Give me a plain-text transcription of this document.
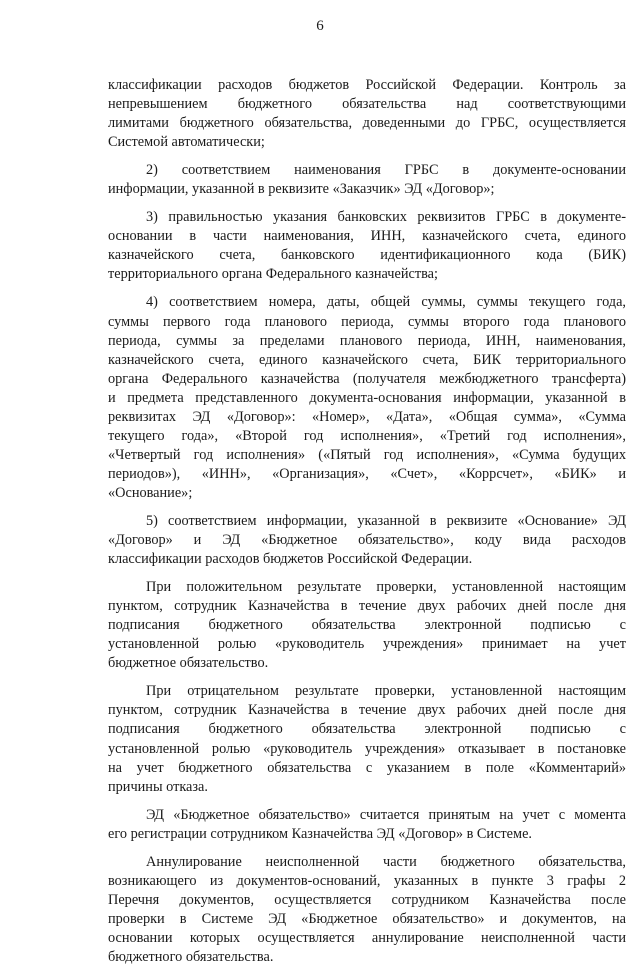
6
классификации расходов бюджетов Российской Федерации. Контроль за
непревышением бюджетного обязательства над соответствующими
лимитами бюджетного обязательства, доведенными до ГРБС, осуществляется
Системой автоматически;
2) соответствием наименования ГРБС в документе-основании
информации, указанной в реквизите «Заказчик» ЭД «Договор»;
3) правильностью указания банковских реквизитов ГРБС в документе-
основании в части наименования, ИНН, казначейского счета, единого
казначейского счета, банковского идентификационного кода (БИК)
территориального органа Федерального казначейства;
4) соответствием номера, даты, общей суммы, суммы текущего года,
суммы первого года планового периода, суммы второго года планового
периода, суммы за пределами планового периода, ИНН, наименования,
казначейского счета, единого казначейского счета, БИК территориального
органа Федерального казначейства (получателя межбюджетного трансферта)
и предмета представленного документа-основания информации, указанной в
реквизитах ЭД «Договор»: «Номер», «Дата», «Общая сумма», «Сумма
текущего года», «Второй год исполнения», «Третий год исполнения»,
«Четвертый год исполнения» («Пятый год исполнения», «Сумма будущих
периодов»), «ИНН», «Организация», «Счет», «Коррсчет», «БИК» и
«Основание»;
5) соответствием информации, указанной в реквизите «Основание» ЭД
«Договор» и ЭД «Бюджетное обязательство», коду вида расходов
классификации расходов бюджетов Российской Федерации.
При положительном результате проверки, установленной настоящим
пунктом, сотрудник Казначейства в течение двух рабочих дней после дня
подписания бюджетного обязательства электронной подписью с
установленной ролью «руководитель учреждения» принимает на учет
бюджетное обязательство.
При отрицательном результате проверки, установленной настоящим
пунктом, сотрудник Казначейства в течение двух рабочих дней после дня
подписания бюджетного обязательства электронной подписью с
установленной ролью «руководитель учреждения» отказывает в постановке
на учет бюджетного обязательства с указанием в поле «Комментарий»
причины отказа.
ЭД «Бюджетное обязательство» считается принятым на учет с момента
его регистрации сотрудником Казначейства ЭД «Договор» в Системе.
Аннулирование неисполненной части бюджетного обязательства,
возникающего из документов-оснований, указанных в пункте 3 графы 2
Перечня документов, осуществляется сотрудником Казначейства после
проверки в Системе ЭД «Бюджетное обязательство» и документов, на
основании которых осуществляется аннулирование неисполненной части
бюджетного обязательства.
